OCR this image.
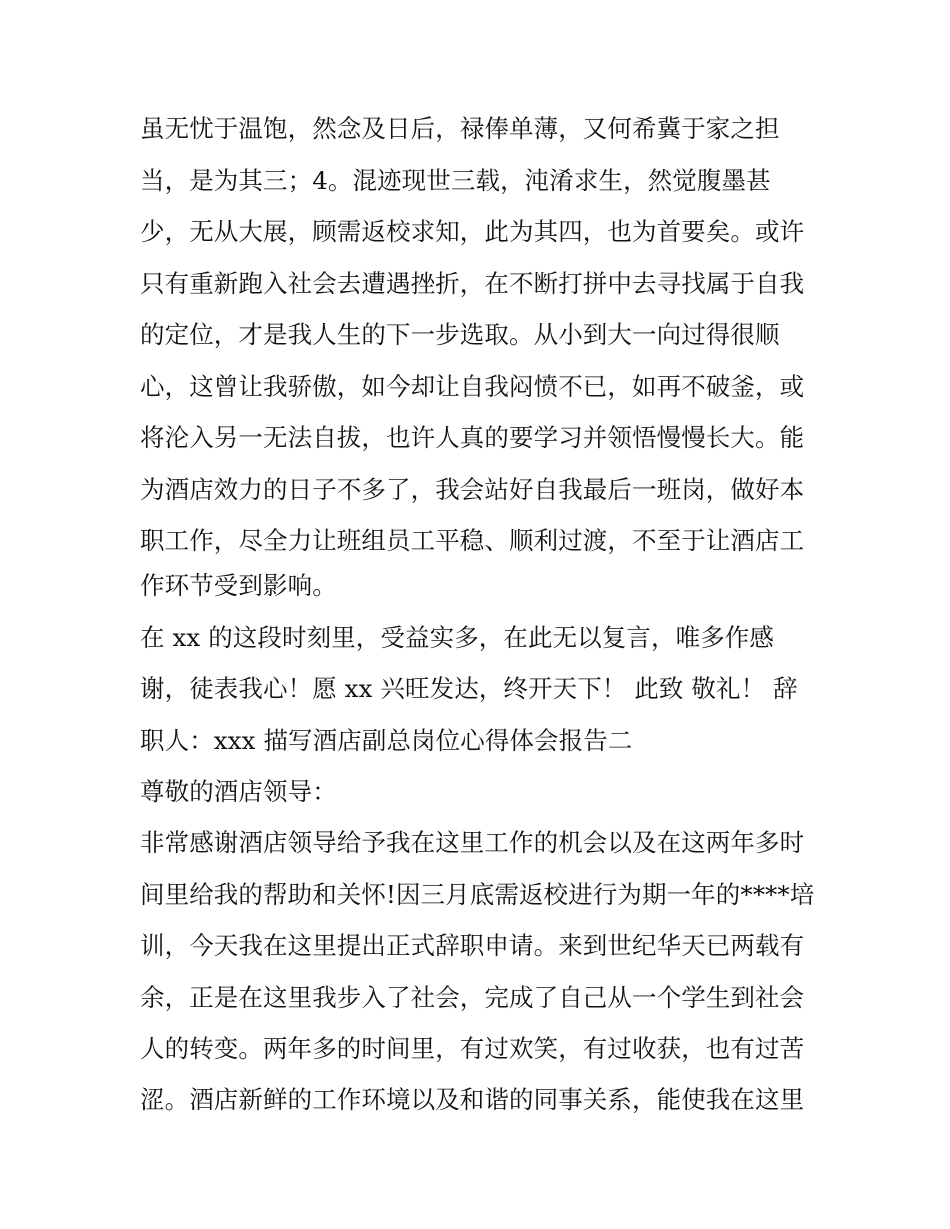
虽无忧于温饱，然念及日后，禄俸单薄，又何希冀于家之担

当，是为其三；4。混迹现世三载，沌淆求生，然觉腹墨甚

少，无从大展，顾需返校求知，此为其四，也为首要矣。或许

只有重新跑入社会去遭遇挫折，在不断打拼中去寻找属于自我

的定位，才是我人生的下一步选取。从小到大一向过得很顺

心，这曾让我骄傲，如今却让自我闷愤不已，如再不破釜，或

将沦入另一无法自拔，也许人真的要学习并领悟慢慢长大。能

为酒店效力的日子不多了，我会站好自我最后一班岗，做好本

职工作，尽全力让班组员工平稳、顺利过渡，不至于让酒店工

作环节受到影响。

在 xx 的这段时刻里，受益实多，在此无以复言，唯多作感

谢，徒表我心！愿 xx 兴旺发达，终开天下！ 此致 敬礼！ 辞

职人：xxx 描写酒店副总岗位心得体会报告二

尊敬的酒店领导：

非常感谢酒店领导给予我在这里工作的机会以及在这两年多时

间里给我的帮助和关怀!因三月底需返校进行为期一年的****培

训，今天我在这里提出正式辞职申请。来到世纪华天已两载有

余，正是在这里我步入了社会，完成了自己从一个学生到社会

人的转变。两年多的时间里，有过欢笑，有过收获，也有过苦

涩。酒店新鲜的工作环境以及和谐的同事关系，能使我在这里
